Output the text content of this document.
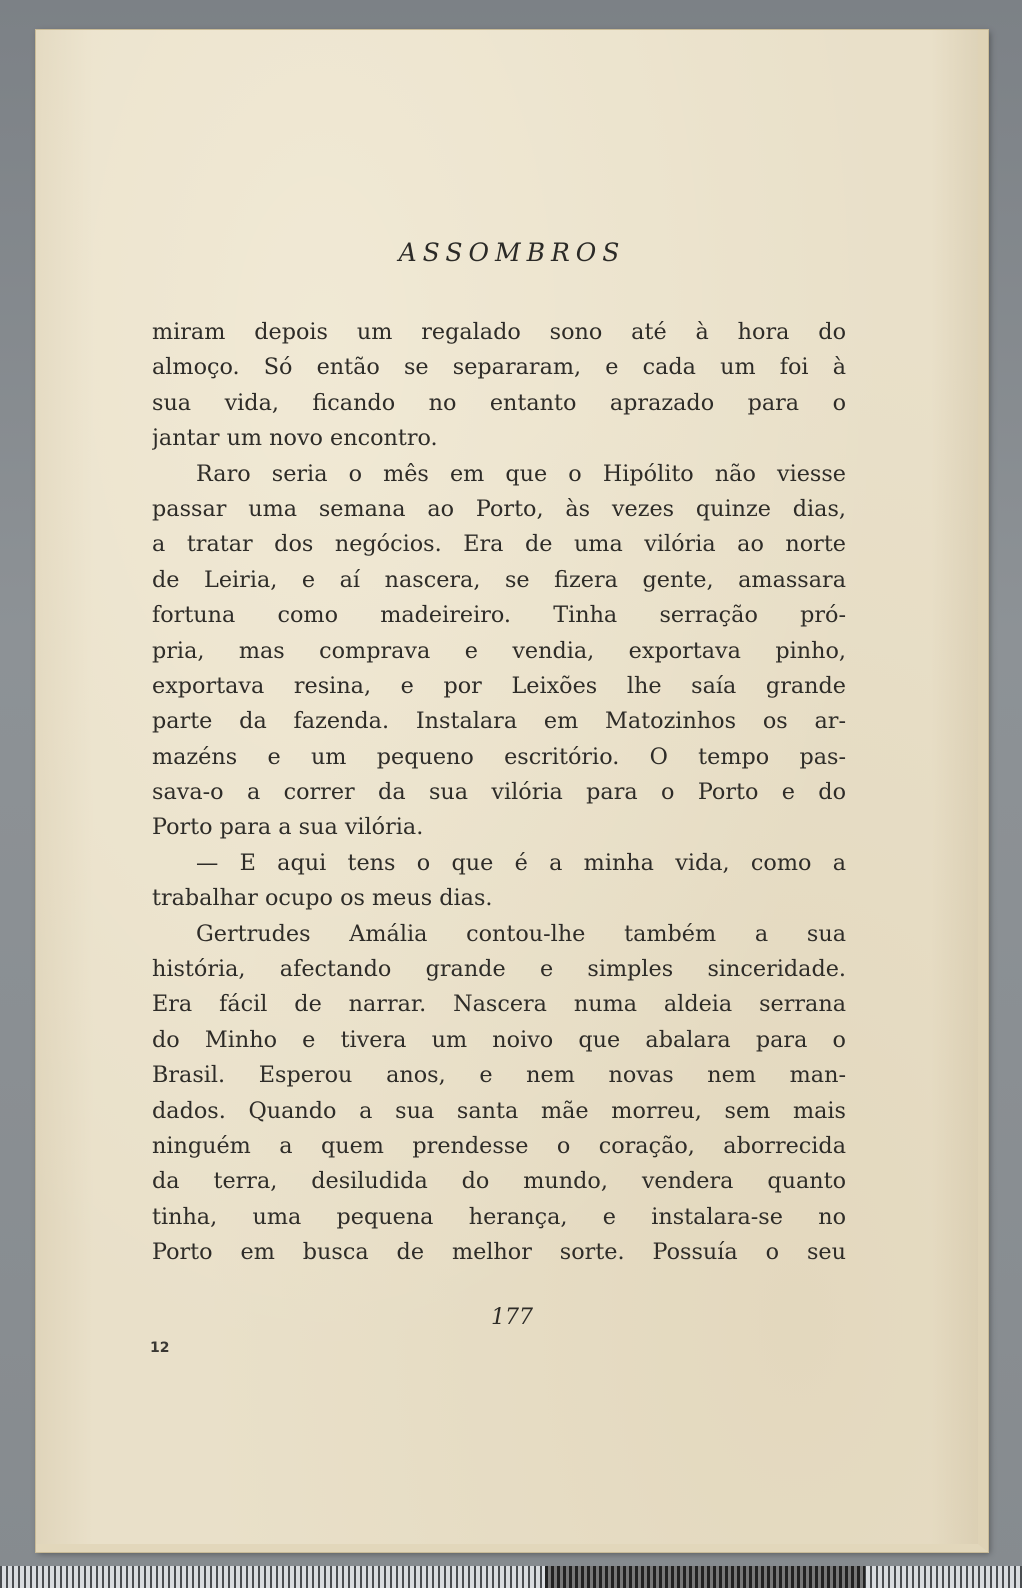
ASSOMBROS

miram depois um regalado sono até à hora do

almoço. Só então se separaram, e cada um foi à

sua vida, ficando no entanto aprazado para o

jantar um novo encontro.

Raro seria o mês em que o Hipólito não viesse

passar uma semana ao Porto, às vezes quinze dias,

a tratar dos negócios. Era de uma vilória ao norte

de Leiria, e aí nascera, se fizera gente, amassara

fortuna como madeireiro. Tinha serração pró-

pria, mas comprava e vendia, exportava pinho,

exportava resina, e por Leixões lhe saía grande

parte da fazenda. Instalara em Matozinhos os ar-

mazéns e um pequeno escritório. O tempo pas-

sava-o a correr da sua vilória para o Porto e do

Porto para a sua vilória.

— E aqui tens o que é a minha vida, como a

trabalhar ocupo os meus dias.

Gertrudes Amália contou-lhe também a sua

história, afectando grande e simples sinceridade.

Era fácil de narrar. Nascera numa aldeia serrana

do Minho e tivera um noivo que abalara para o

Brasil. Esperou anos, e nem novas nem man-

dados. Quando a sua santa mãe morreu, sem mais

ninguém a quem prendesse o coração, aborrecida

da terra, desiludida do mundo, vendera quanto

tinha, uma pequena herança, e instalara-se no

Porto em busca de melhor sorte. Possuía o seu

177
12
